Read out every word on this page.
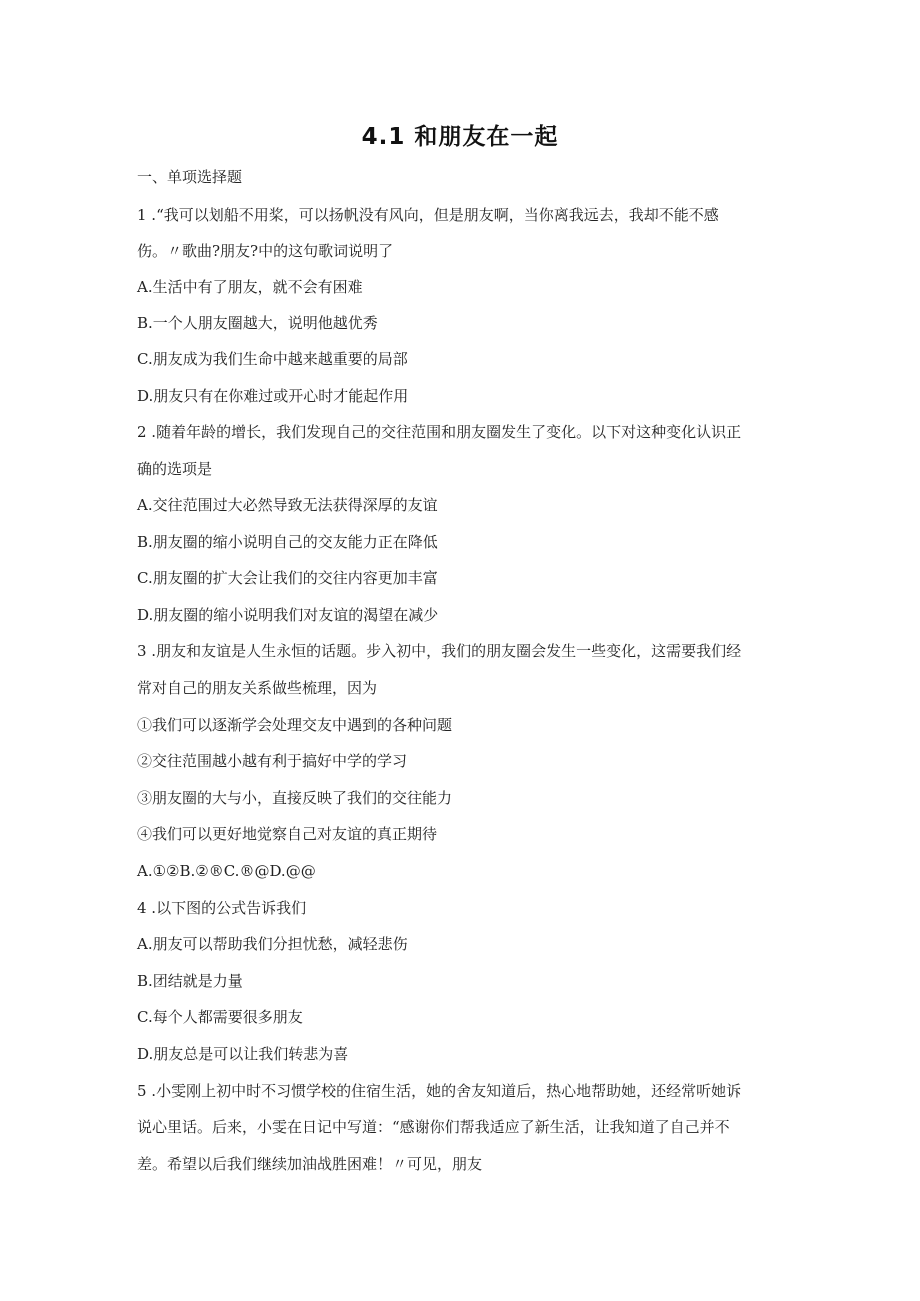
4.1 和朋友在一起
一、单项选择题
1 .“我可以划船不用桨，可以扬帆没有风向，但是朋友啊，当你离我远去，我却不能不感
伤。〃歌曲?朋友?中的这句歌词说明了
A.生活中有了朋友，就不会有困难
B.一个人朋友圈越大，说明他越优秀
C.朋友成为我们生命中越来越重要的局部
D.朋友只有在你难过或开心时才能起作用
2 .随着年龄的增长，我们发现自己的交往范围和朋友圈发生了变化。以下对这种变化认识正
确的选项是
A.交往范围过大必然导致无法获得深厚的友谊
B.朋友圈的缩小说明自己的交友能力正在降低
C.朋友圈的扩大会让我们的交往内容更加丰富
D.朋友圈的缩小说明我们对友谊的渴望在减少
3 .朋友和友谊是人生永恒的话题。步入初中，我们的朋友圈会发生一些变化，这需要我们经
常对自己的朋友关系做些梳理，因为
①我们可以逐渐学会处理交友中遇到的各种问题
②交往范围越小越有利于搞好中学的学习
③朋友圈的大与小，直接反映了我们的交往能力
④我们可以更好地觉察自己对友谊的真正期待
A.①②B.②®C.®@D.@@
4 .以下图的公式告诉我们
A.朋友可以帮助我们分担忧愁，减轻悲伤
B.团结就是力量
C.每个人都需要很多朋友
D.朋友总是可以让我们转悲为喜
5 .小雯刚上初中时不习惯学校的住宿生活，她的舍友知道后，热心地帮助她，还经常听她诉
说心里话。后来，小雯在日记中写道：“感谢你们帮我适应了新生活，让我知道了自己并不
差。希望以后我们继续加油战胜困难！〃可见，朋友
